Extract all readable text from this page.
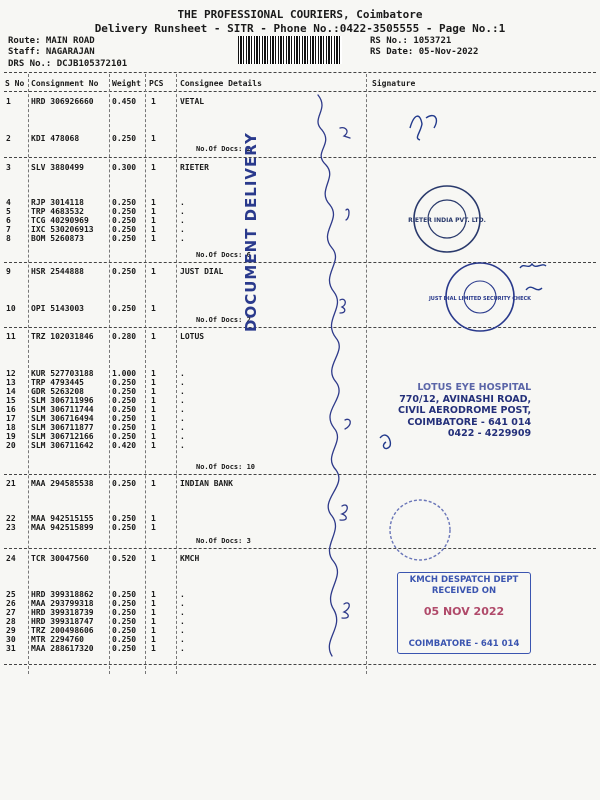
THE PROFESSIONAL COURIERS, Coimbatore
Delivery Runsheet - SITR - Phone No.:0422-3505555 - Page No.:1
Route: MAIN ROAD
Staff: NAGARAJAN
DRS No.: DCJB105372101
RS No.: 1053721
RS Date: 05-Nov-2022
S No Consignment No Weight PCS Consignee Details	Signature
1	HRD 306926660 0.450 1	VETAL
2	KDI 478068	0.250 1
3	SLV 3880499	0.300 1	RIETER
4	RJP 3014118	0.250 1	.
5	TRP 4683532	0.250 1	.
6	TCG 40290969	0.250 1	.
7	IXC 530206913 0.250 1	.
8	BOM 5260873	0.250 1	.
9	HSR 2544888	0.250 1	JUST DIAL
10 OPI 5143003	0.250 1
11 TRZ 102031846 0.280 1	LOTUS
12 KUR 527703188 1.000 1	.
13 TRP 4793445	0.250 1	.
14 GDR 5263208	0.250 1	.
15 SLM 306711996 0.250 1	.
16 SLM 306711744 0.250 1	.
17 SLM 306716494 0.250 1	.
18 SLM 306711877 0.250 1	.
19 SLM 306712166 0.250 1	.
20 SLM 306711642 0.420 1	.
21 MAA 294585538 0.250 1	INDIAN BANK
22 MAA 942515155 0.250 1
23 MAA 942515899 0.250 1
24 TCR 30047560	0.520 1	KMCH
25 HRD 399318862 0.250 1	.
26 MAA 293799318 0.250 1	.
27 HRD 399318739 0.250 1	.
28 HRD 399318747 0.250 1	.
29 TRZ 200498606 0.250 1	.
30 MTR 2294760	0.250 1	.
31 MAA 288617320 0.250 1	.
No.Of Docs: 2
No.Of Docs: 6
No.Of Docs: 2
No.Of Docs: 10
No.Of Docs: 3
RIETER INDIA PVT. LTD.
JUST DIAL LIMITED SECURITY CHECK
DOCUMENT DELIVERY
LOTUS EYE HOSPITAL
770/12, AVINASHI ROAD,
CIVIL AERODROME POST,
COIMBATORE - 641 014
0422 - 4229909
KMCH DESPATCH DEPT
RECEIVED ON
05 NOV 2022
COIMBATORE - 641 014
